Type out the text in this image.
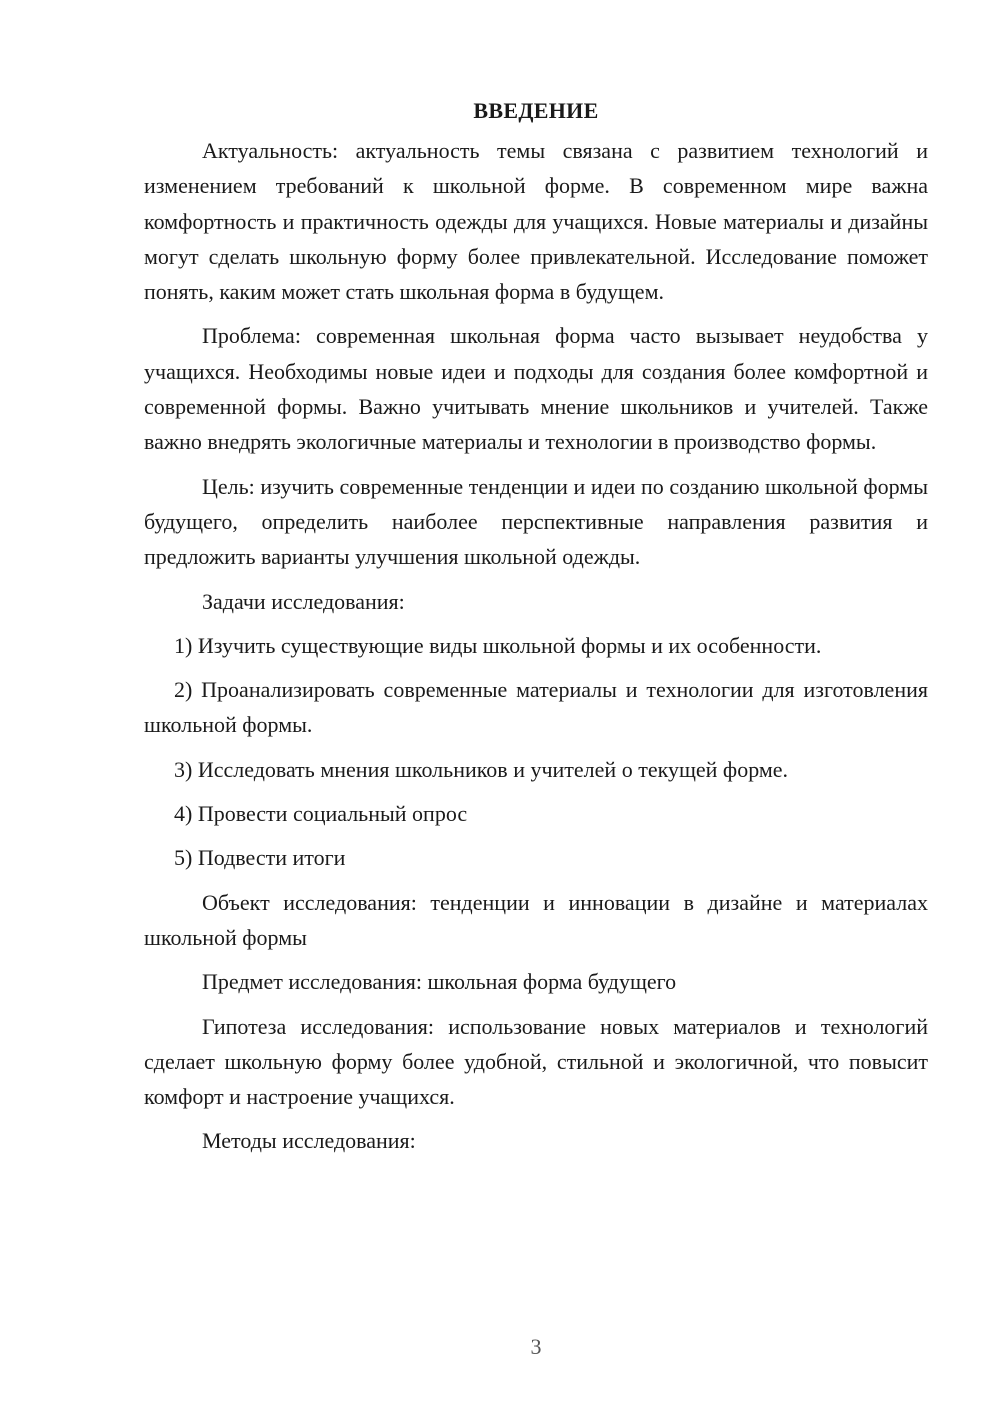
ВВЕДЕНИЕ

Актуальность: актуальность темы связана с развитием технологий и изменением требований к школьной форме. В современном мире важна комфортность и практичность одежды для учащихся. Новые материалы и дизайны могут сделать школьную форму более привлекательной. Исследование поможет понять, каким может стать школьная форма в будущем.

Проблема: современная школьная форма часто вызывает неудобства у учащихся. Необходимы новые идеи и подходы для создания более комфортной и современной формы. Важно учитывать мнение школьников и учителей. Также важно внедрять экологичные материалы и технологии в производство формы.

Цель: изучить современные тенденции и идеи по созданию школьной формы будущего, определить наиболее перспективные направления развития и предложить варианты улучшения школьной одежды.

Задачи исследования:

1) Изучить существующие виды школьной формы и их особенности.

2) Проанализировать современные материалы и технологии для изготовления школьной формы.

3) Исследовать мнения школьников и учителей о текущей форме.

4) Провести социальный опрос

5) Подвести итоги

Объект исследования: тенденции и инновации в дизайне и материалах школьной формы

Предмет исследования: школьная форма будущего

Гипотеза исследования: использование новых материалов и технологий сделает школьную форму более удобной, стильной и экологичной, что повысит комфорт и настроение учащихся.

Методы исследования:

3
